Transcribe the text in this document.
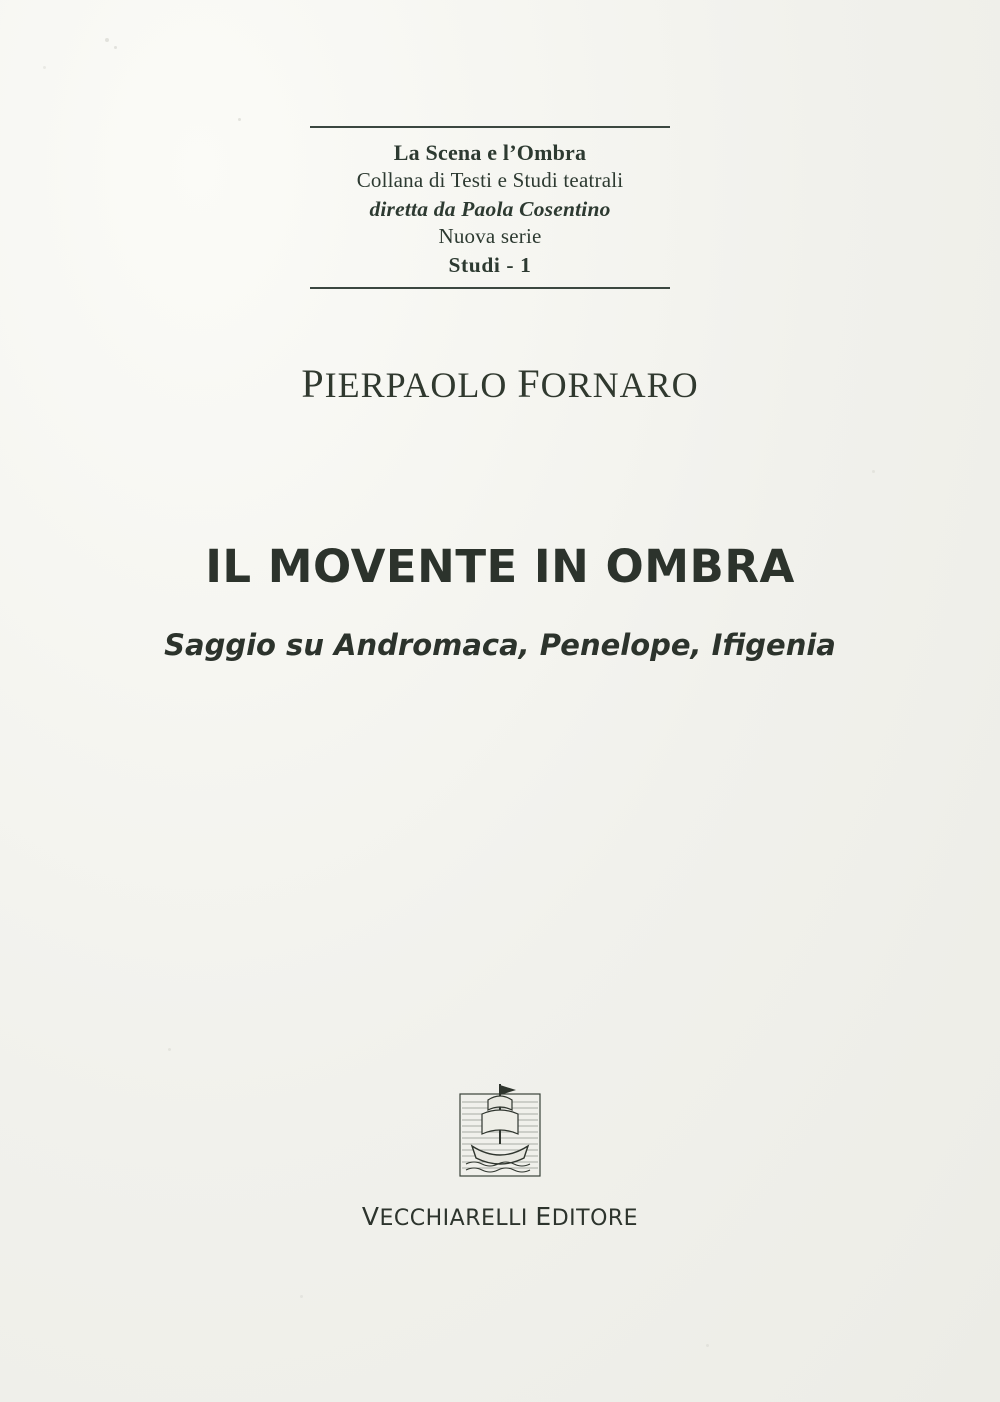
La Scena e l’Ombra
Collana di Testi e Studi teatrali
diretta da Paola Cosentino
Nuova serie
Studi - 1
PIERPAOLO FORNARO
IL MOVENTE IN OMBRA
Saggio su Andromaca, Penelope, Ifigenia
VECCHIARELLI EDITORE
